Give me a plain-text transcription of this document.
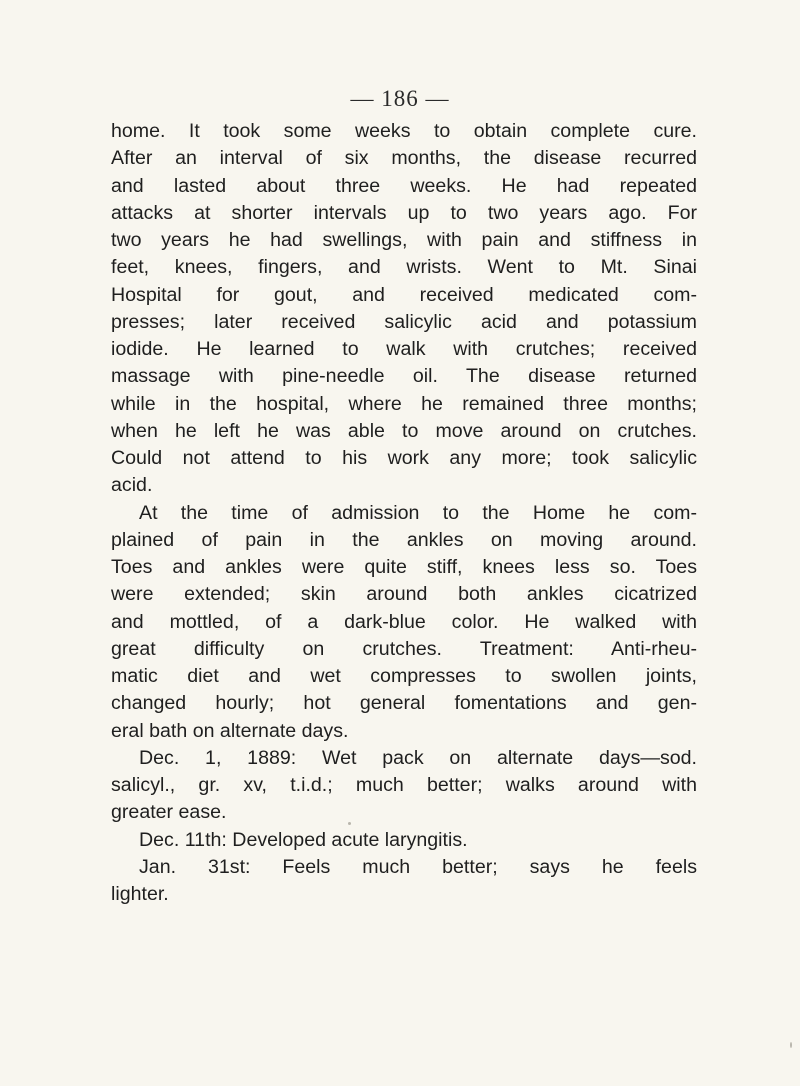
— 186 —
home. It took some weeks to obtain complete cure.
After an interval of six months, the disease recurred
and lasted about three weeks. He had repeated
attacks at shorter intervals up to two years ago. For
two years he had swellings, with pain and stiffness in
feet, knees, fingers, and wrists. Went to Mt. Sinai
Hospital for gout, and received medicated com-
presses; later received salicylic acid and potassium
iodide. He learned to walk with crutches; received
massage with pine-needle oil. The disease returned
while in the hospital, where he remained three months;
when he left he was able to move around on crutches.
Could not attend to his work any more; took salicylic
acid.
At the time of admission to the Home he com-
plained of pain in the ankles on moving around.
Toes and ankles were quite stiff, knees less so. Toes
were extended; skin around both ankles cicatrized
and mottled, of a dark-blue color. He walked with
great difficulty on crutches. Treatment: Anti-rheu-
matic diet and wet compresses to swollen joints,
changed hourly; hot general fomentations and gen-
eral bath on alternate days.
Dec. 1, 1889: Wet pack on alternate days—sod.
salicyl., gr. xv, t.i.d.; much better; walks around with
greater ease.
Dec. 11th: Developed acute laryngitis.
Jan. 31st: Feels much better; says he feels
lighter.
